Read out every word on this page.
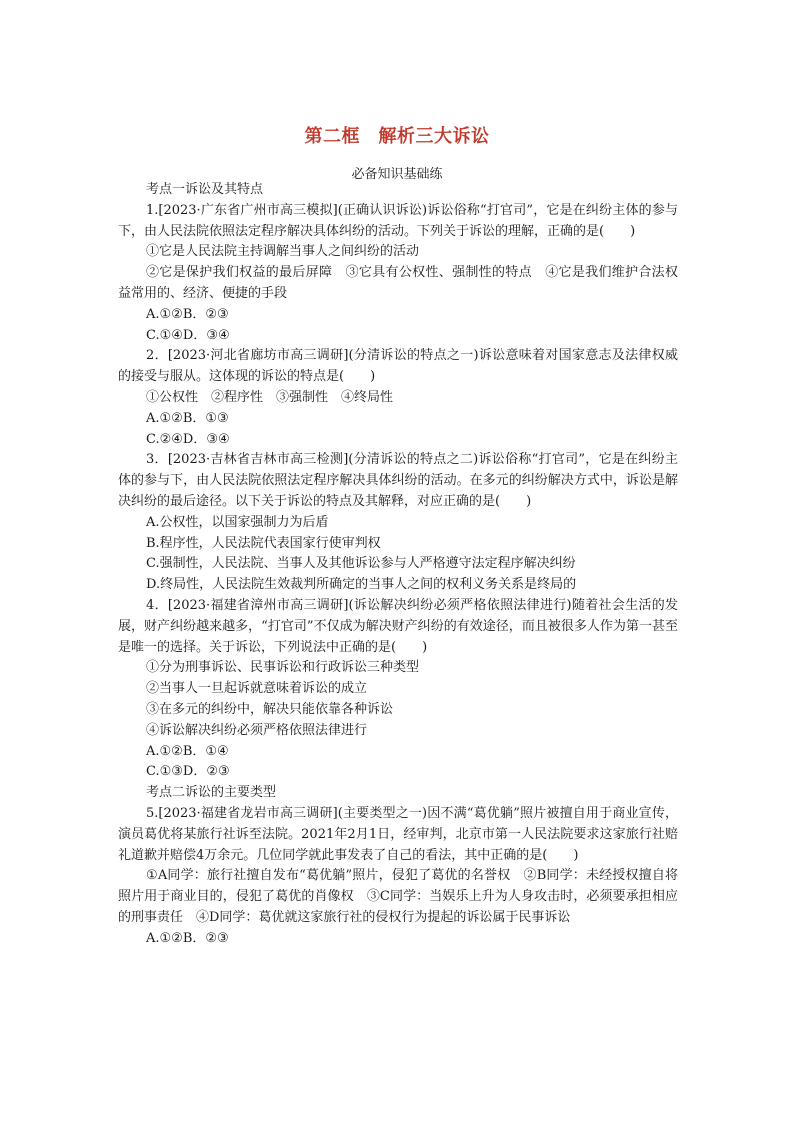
第二框　解析三大诉讼
必备知识基础练

考点一诉讼及其特点

1.[2023·广东省广州市高三模拟](正确认识诉讼)诉讼俗称“打官司”，它是在纠纷主体的参与下，由人民法院依照法定程序解决具体纠纷的活动。下列关于诉讼的理解，正确的是(　　)

①它是人民法院主持调解当事人之间纠纷的活动

②它是保护我们权益的最后屏障　③它具有公权性、强制性的特点　④它是我们维护合法权益常用的、经济、便捷的手段

A.①②B．②③

C.①④D．③④

2．[2023·河北省廊坊市高三调研](分清诉讼的特点之一)诉讼意味着对国家意志及法律权威的接受与服从。这体现的诉讼的特点是(　　)

①公权性　②程序性　③强制性　④终局性

A.①②B．①③

C.②④D．③④

3．[2023·吉林省吉林市高三检测](分清诉讼的特点之二)诉讼俗称“打官司”，它是在纠纷主体的参与下，由人民法院依照法定程序解决具体纠纷的活动。在多元的纠纷解决方式中，诉讼是解决纠纷的最后途径。以下关于诉讼的特点及其解释，对应正确的是(　　)

A.公权性，以国家强制力为后盾

B.程序性，人民法院代表国家行使审判权

C.强制性，人民法院、当事人及其他诉讼参与人严格遵守法定程序解决纠纷

D.终局性，人民法院生效裁判所确定的当事人之间的权利义务关系是终局的

4．[2023·福建省漳州市高三调研](诉讼解决纠纷必须严格依照法律进行)随着社会生活的发展，财产纠纷越来越多，“打官司”不仅成为解决财产纠纷的有效途径，而且被很多人作为第一甚至是唯一的选择。关于诉讼，下列说法中正确的是(　　)

①分为刑事诉讼、民事诉讼和行政诉讼三种类型

②当事人一旦起诉就意味着诉讼的成立

③在多元的纠纷中，解决只能依靠各种诉讼

④诉讼解决纠纷必须严格依照法律进行

A.①②B．①④

C.①③D．②③

考点二诉讼的主要类型

5.[2023·福建省龙岩市高三调研](主要类型之一)因不满“葛优躺”照片被擅自用于商业宣传，演员葛优将某旅行社诉至法院。2021年2月1日，经审判，北京市第一人民法院要求这家旅行社赔礼道歉并赔偿4万余元。几位同学就此事发表了自己的看法，其中正确的是(　　)

①A同学：旅行社擅自发布“葛优躺”照片，侵犯了葛优的名誉权　②B同学：未经授权擅自将照片用于商业目的，侵犯了葛优的肖像权　③C同学：当娱乐上升为人身攻击时，必须要承担相应的刑事责任　④D同学：葛优就这家旅行社的侵权行为提起的诉讼属于民事诉讼

A.①②B．②③
